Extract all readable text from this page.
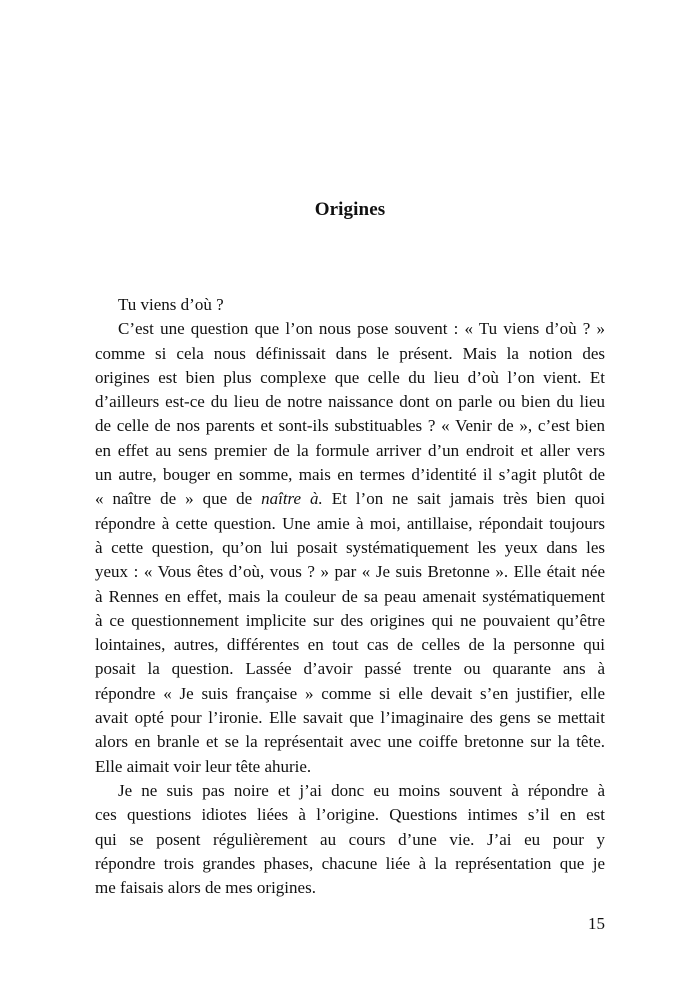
Origines
Tu viens d’où ?
C’est une question que l’on nous pose souvent : « Tu viens d’où ? »
comme si cela nous définissait dans le présent. Mais la notion des
origines est bien plus complexe que celle du lieu d’où l’on vient. Et
d’ailleurs est-ce du lieu de notre naissance dont on parle ou bien du lieu
de celle de nos parents et sont-ils substituables ? « Venir de », c’est bien
en effet au sens premier de la formule arriver d’un endroit et aller vers
un autre, bouger en somme, mais en termes d’identité il s’agit plutôt de
« naître de » que de naître à. Et l’on ne sait jamais très bien quoi
répondre à cette question. Une amie à moi, antillaise, répondait toujours
à cette question, qu’on lui posait systématiquement les yeux dans les
yeux : « Vous êtes d’où, vous ? » par « Je suis Bretonne ». Elle était née
à Rennes en effet, mais la couleur de sa peau amenait systématiquement
à ce questionnement implicite sur des origines qui ne pouvaient qu’être
lointaines, autres, différentes en tout cas de celles de la personne qui
posait la question. Lassée d’avoir passé trente ou quarante ans à
répondre « Je suis française » comme si elle devait s’en justifier, elle
avait opté pour l’ironie. Elle savait que l’imaginaire des gens se mettait
alors en branle et se la représentait avec une coiffe bretonne sur la tête.
Elle aimait voir leur tête ahurie.
Je ne suis pas noire et j’ai donc eu moins souvent à répondre à
ces questions idiotes liées à l’origine. Questions intimes s’il en est
qui se posent régulièrement au cours d’une vie. J’ai eu pour y
répondre trois grandes phases, chacune liée à la représentation que je
me faisais alors de mes origines.
15
